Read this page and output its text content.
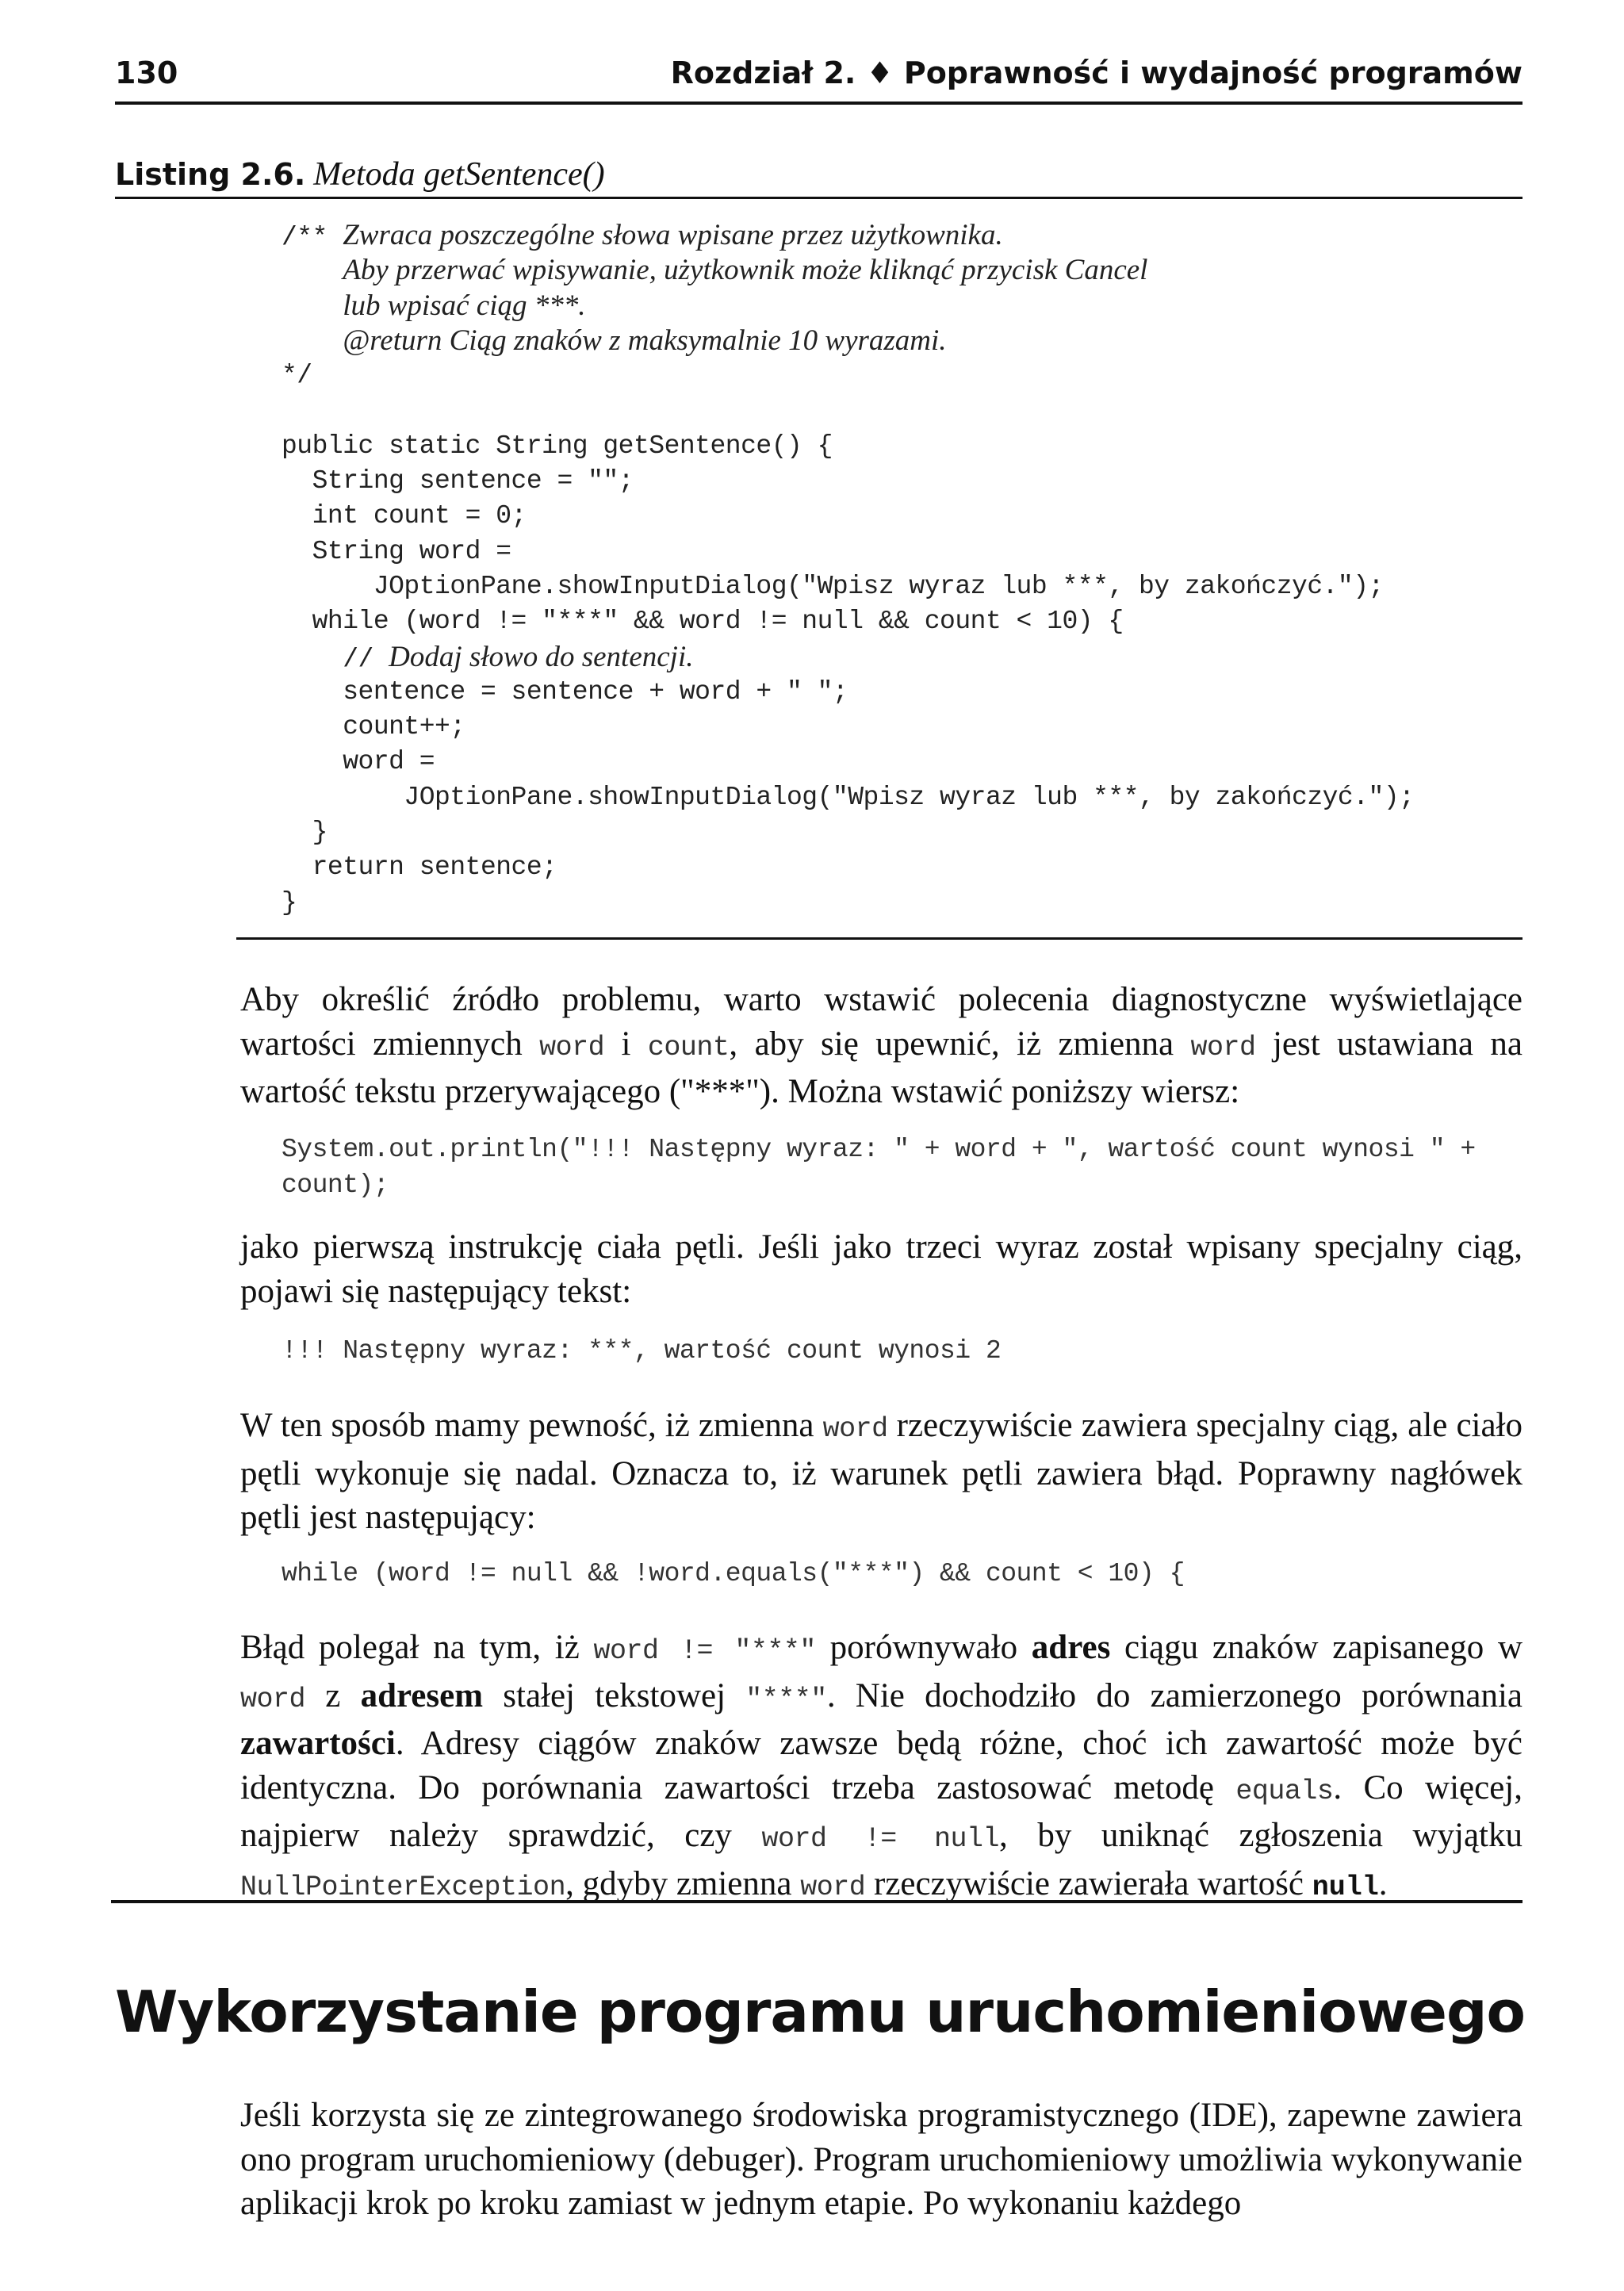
130	Rozdział 2. ♦ Poprawność i wydajność programów
Listing 2.6. Metoda getSentence()
/** Zwraca poszczególne słowa wpisane przez użytkownika.
Aby przerwać wpisywanie, użytkownik może kliknąć przycisk Cancel
lub wpisać ciąg ***.
@return Ciąg znaków z maksymalnie 10 wyrazami.
*/
public static String getSentence() {
String sentence = "";
int count = 0;
String word =
JOptionPane.showInputDialog("Wpisz wyraz lub ***, by zakończyć.");
while (word != "***" && word != null && count < 10) {
// Dodaj słowo do sentencji.
sentence = sentence + word + " ";
count++;
word =
JOptionPane.showInputDialog("Wpisz wyraz lub ***, by zakończyć.");
}
return sentence;
}

Aby określić źródło problemu, warto wstawić polecenia diagnostyczne wyświetlające wartości zmiennych word i count, aby się upewnić, iż zmienna word jest ustawiana na wartość tekstu przerywającego ("***"). Można wstawić poniższy wiersz:

System.out.println("!!! Następny wyraz: " + word + ", wartość count wynosi " +
count);

jako pierwszą instrukcję ciała pętli. Jeśli jako trzeci wyraz został wpisany specjalny ciąg, pojawi się następujący tekst:

!!! Następny wyraz: ***, wartość count wynosi 2

W ten sposób mamy pewność, iż zmienna word rzeczywiście zawiera specjalny ciąg, ale ciało pętli wykonuje się nadal. Oznacza to, iż warunek pętli zawiera błąd. Poprawny nagłówek pętli jest następujący:

while (word != null && !word.equals("***") && count < 10) {

Błąd polegał na tym, iż word != "***" porównywało adres ciągu znaków zapisanego w word z adresem stałej tekstowej "***". Nie dochodziło do zamierzonego porównania zawartości. Adresy ciągów znaków zawsze będą różne, choć ich zawartość może być identyczna. Do porównania zawartości trzeba zastosować metodę equals. Co więcej, najpierw należy sprawdzić, czy word != null, by uniknąć zgłoszenia wyjątku NullPointerException, gdyby zmienna word rzeczywiście zawierała wartość null.

Wykorzystanie programu uruchomieniowego

Jeśli korzysta się ze zintegrowanego środowiska programistycznego (IDE), zapewne zawiera ono program uruchomieniowy (debuger). Program uruchomieniowy umożliwia wykonywanie aplikacji krok po kroku zamiast w jednym etapie. Po wykonaniu każdego
